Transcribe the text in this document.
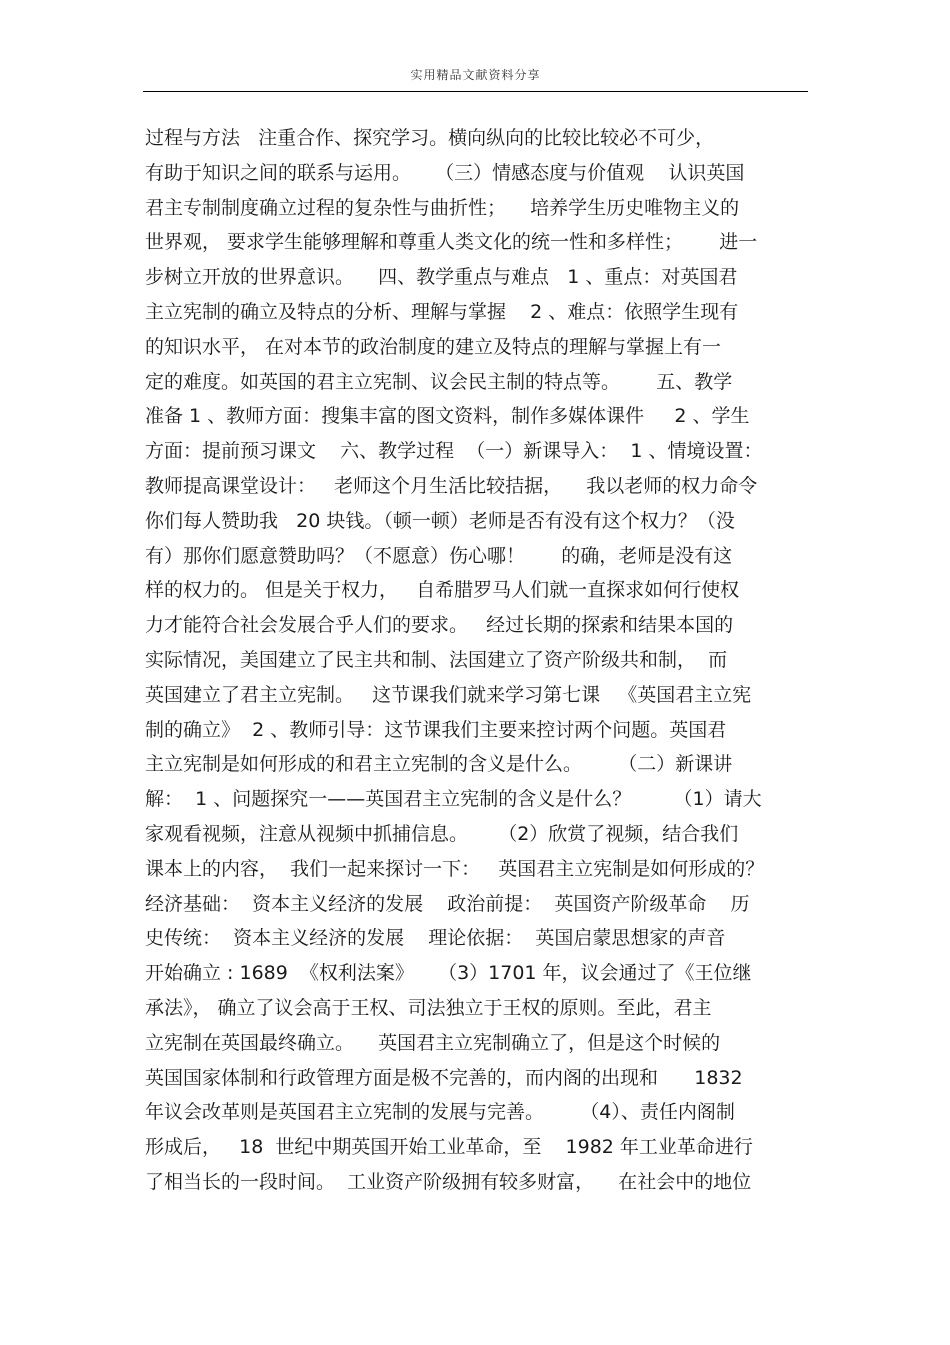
实用精品文献资料分享
过程与方法   注重合作、探究学习。横向纵向的比较比较必不可少，
有助于知识之间的联系与运用。    （三）情感态度与价值观    认识英国
君主专制制度确立过程的复杂性与曲折性；    培养学生历史唯物主义的
世界观， 要求学生能够理解和尊重人类文化的统一性和多样性；      进一
步树立开放的世界意识。    四、教学重点与难点   1 、重点：对英国君
主立宪制的确立及特点的分析、理解与掌握    2 、难点：依照学生现有
的知识水平， 在对本节的政治制度的建立及特点的理解与掌握上有一
定的难度。如英国的君主立宪制、议会民主制的特点等。      五、教学
准备 1 、教师方面：搜集丰富的图文资料，制作多媒体课件     2 、学生
方面：提前预习课文    六、教学过程  （一）新课导入：  1 、情境设置：
教师提高课堂设计：   老师这个月生活比较拮据，    我以老师的权力命令
你们每人赞助我   20 块钱。（顿一顿）老师是否有没有这个权力？（没
有）那你们愿意赞助吗？（不愿意）伤心哪！      的确，老师是没有这
样的权力的。 但是关于权力，   自希腊罗马人们就一直探求如何行使权
力才能符合社会发展合乎人们的要求。   经过长期的探索和结果本国的
实际情况，美国建立了民主共和制、法国建立了资产阶级共和制，  而
英国建立了君主立宪制。   这节课我们就来学习第七课   《英国君主立宪
制的确立》  2 、教师引导：这节课我们主要来控讨两个问题。英国君
主立宪制是如何形成的和君主立宪制的含义是什么。      （二）新课讲
解：  1 、问题探究一——英国君主立宪制的含义是什么？       （1）请大
家观看视频，注意从视频中抓捕信息。     （2）欣赏了视频，结合我们
课本上的内容，  我们一起来探讨一下：   英国君主立宪制是如何形成的？
经济基础：  资本主义经济的发展    政治前提：  英国资产阶级革命    历
史传统：  资本主义经济的发展    理论依据：  英国启蒙思想家的声音
开始确立 : 1689  《权利法案》    （3）1701 年，议会通过了《王位继
承法》， 确立了议会高于王权、司法独立于王权的原则。至此，君主
立宪制在英国最终确立。    英国君主立宪制确立了，但是这个时候的
英国国家体制和行政管理方面是极不完善的，而内阁的出现和      1832
年议会改革则是英国君主立宪制的发展与完善。      （4）、责任内阁制
形成后，   18  世纪中期英国开始工业革命，至    1982 年工业革命进行
了相当长的一段时间。  工业资产阶级拥有较多财富，    在社会中的地位
